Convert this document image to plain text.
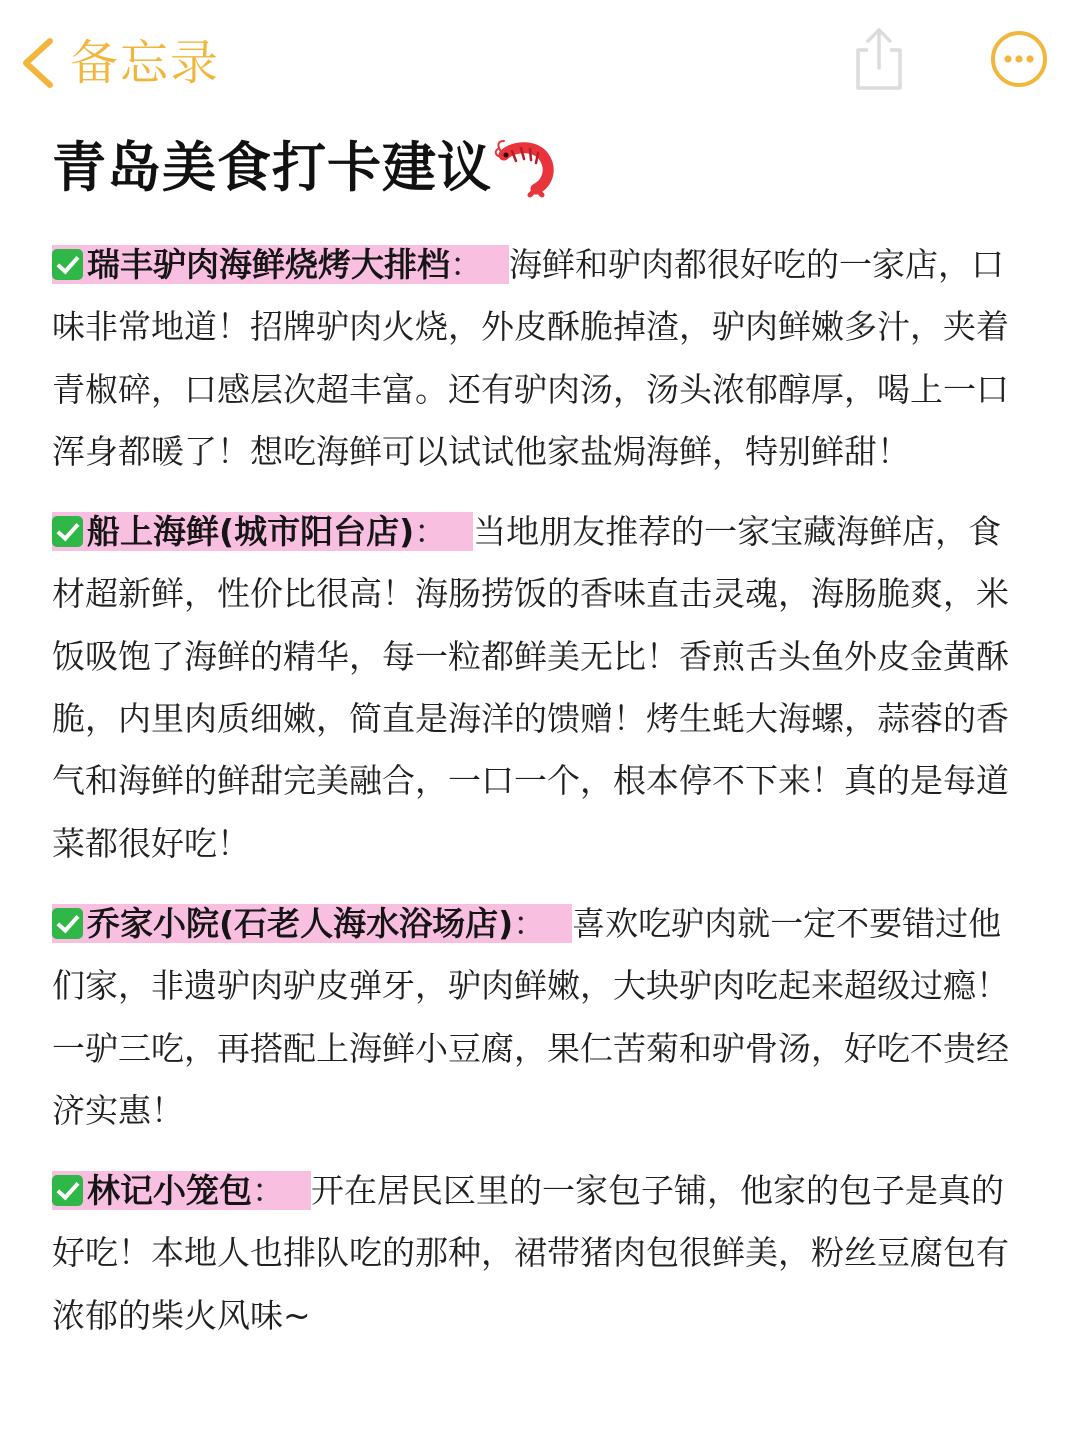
备忘录
青岛美食打卡建议

瑞丰驴肉海鲜烧烤大排档： 海鲜和驴肉都很好吃的一家店，口味非常地道！招牌驴肉火烧，外皮酥脆掉渣，驴肉鲜嫩多汁，夹着青椒碎，口感层次超丰富。还有驴肉汤，汤头浓郁醇厚，喝上一口浑身都暖了！想吃海鲜可以试试他家盐焗海鲜，特别鲜甜！

船上海鲜(城市阳台店)： 当地朋友推荐的一家宝藏海鲜店，食材超新鲜，性价比很高！海肠捞饭的香味直击灵魂，海肠脆爽，米饭吸饱了海鲜的精华，每一粒都鲜美无比！香煎舌头鱼外皮金黄酥脆，内里肉质细嫩，简直是海洋的馈赠！烤生蚝大海螺，蒜蓉的香气和海鲜的鲜甜完美融合，一口一个，根本停不下来！真的是每道菜都很好吃！

乔家小院(石老人海水浴场店)： 喜欢吃驴肉就一定不要错过他们家，非遗驴肉驴皮弹牙，驴肉鲜嫩，大块驴肉吃起来超级过瘾！一驴三吃，再搭配上海鲜小豆腐，果仁苦菊和驴骨汤，好吃不贵经济实惠！

林记小笼包： 开在居民区里的一家包子铺，他家的包子是真的好吃！本地人也排队吃的那种，裙带猪肉包很鲜美，粉丝豆腐包有浓郁的柴火风味~
